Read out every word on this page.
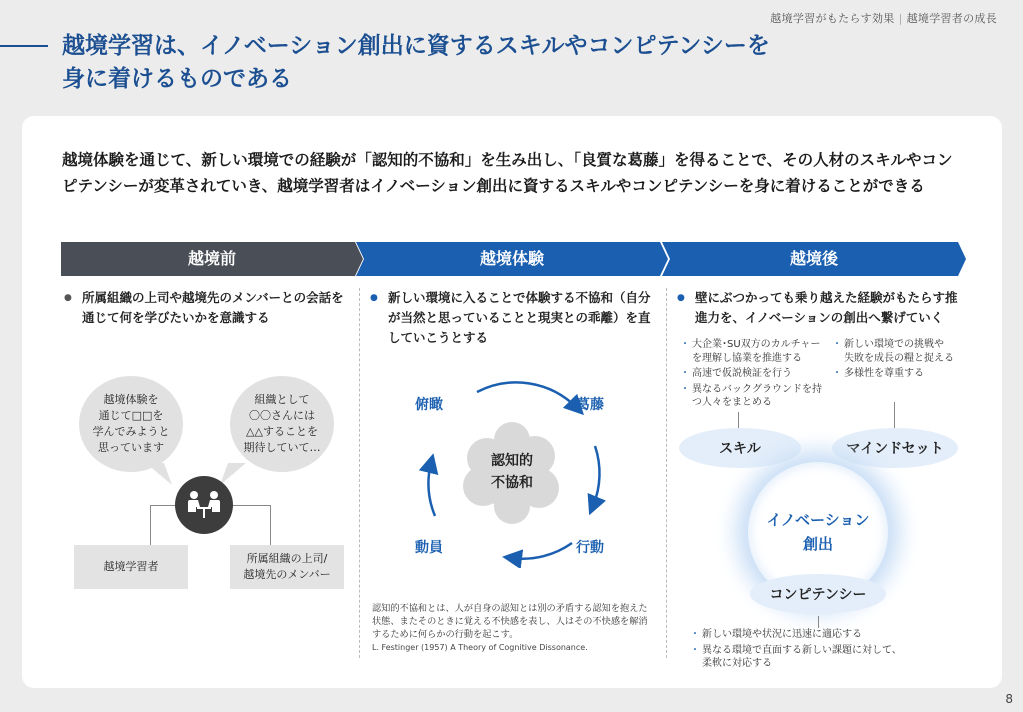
越境学習がもたらす効果 | 越境学習者の成長
越境学習は、イノベーション創出に資するスキルやコンピテンシーを
身に着けるものである
越境体験を通じて、新しい環境での経験が「認知的不協和」を生み出し、「良質な葛藤」を得ることで、その人材のスキルやコンピテンシーが変革されていき、越境学習者はイノベーション創出に資するスキルやコンピテンシーを身に着けることができる
越境前	越境体験	越境後
● 所属組織の上司や越境先のメンバーとの会話を通じて何を学びたいかを意識する
越境体験を
通じて□□を
学んでみようと
思っています
組織として
〇〇さんには
△△することを
期待していて…
越境学習者
所属組織の上司/
越境先のメンバー
● 新しい環境に入ることで体験する不協和（自分が当然と思っていることと現実との乖離）を直していこうとする
認知的
不協和
俯瞰	葛藤
行動
動員
認知的不協和とは、人が自身の認知とは別の矛盾する認知を抱えた状態、またそのときに覚える不快感を表し、人はその不快感を解消するために何らかの行動を起こす。
L. Festinger (1957) A Theory of Cognitive Dissonance.
● 壁にぶつかっても乗り越えた経験がもたらす推進力を、イノベーションの創出へ繋げていく
・ 大企業･SU双方のカルチャー
を理解し協業を推進する
・ 高速で仮説検証を行う
・ 異なるバックグラウンドを持
つ人々をまとめる
・ 新しい環境での挑戦や
失敗を成長の糧と捉える
・ 多様性を尊重する
スキル	マインドセット
イノベーション
創出
コンピテンシー
・ 新しい環境や状況に迅速に適応する
・ 異なる環境で直面する新しい課題に対して、
柔軟に対応する
8
